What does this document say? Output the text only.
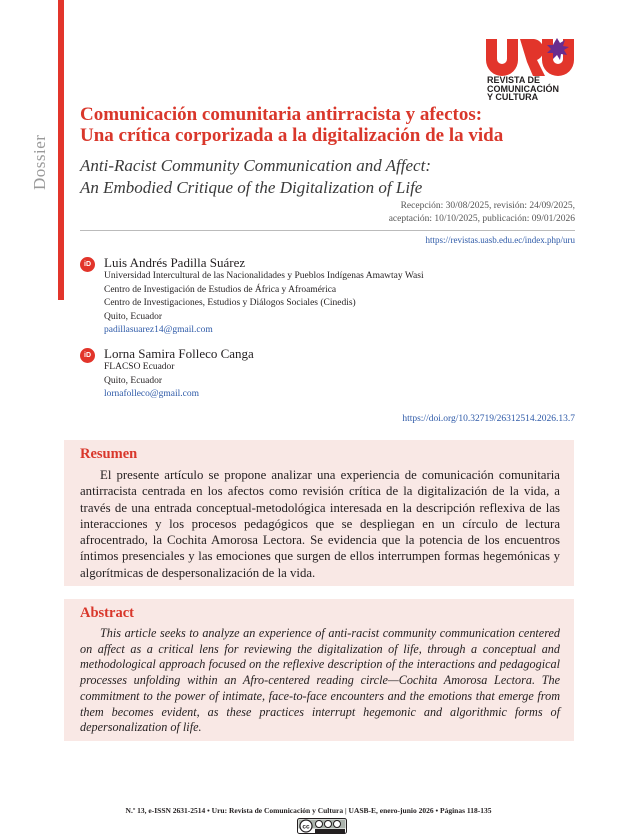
Dossier
REVISTA DE
COMUNICACIÓN
Y CULTURA
Comunicación comunitaria antirracista y afectos:
Una crítica corporizada a la digitalización de la vida
Anti-Racist Community Communication and Affect:
An Embodied Critique of the Digitalization of Life
Recepción: 30/08/2025, revisión: 24/09/2025,
aceptación: 10/10/2025, publicación: 09/01/2026
https://revistas.uasb.edu.ec/index.php/uru
iD	Luis Andrés Padilla Suárez
Universidad Intercultural de las Nacionalidades y Pueblos Indígenas Amawtay Wasi
Centro de Investigación de Estudios de África y Afroamérica
Centro de Investigaciones, Estudios y Diálogos Sociales (Cinedis)
Quito, Ecuador
padillasuarez14@gmail.com
iD	Lorna Samira Folleco Canga
FLACSO Ecuador
Quito, Ecuador
lornafolleco@gmail.com
https://doi.org/10.32719/26312514.2026.13.7
Resumen

El presente artículo se propone analizar una experiencia de comunicación comunitaria antirracista centrada en los afectos como revisión crítica de la digitalización de la vida, a través de una entrada conceptual-metodológica interesada en la descripción reflexiva de las interacciones y los procesos pedagógicos que se despliegan en un círculo de lectura afrocentrado, la Cochita Amorosa Lectora. Se evidencia que la potencia de los encuentros íntimos presenciales y las emociones que surgen de ellos interrumpen formas hegemónicas y algorítmicas de despersonalización de la vida.

Abstract

This article seeks to analyze an experience of anti-racist community communication centered on affect as a critical lens for reviewing the digitalization of life, through a conceptual and methodological approach focused on the reflexive description of the interactions and pedagogical processes unfolding within an Afro-centered reading circle—Cochita Amorosa Lectora. The commitment to the power of intimate, face-to-face encounters and the emotions that emerge from them becomes evident, as these practices interrupt hegemonic and algorithmic forms of depersonalization of life.

N.º 13, e-ISSN 2631-2514 • Uru: Revista de Comunicación y Cultura | UASB-E, enero-junio 2026 • Páginas 118-135
cc
